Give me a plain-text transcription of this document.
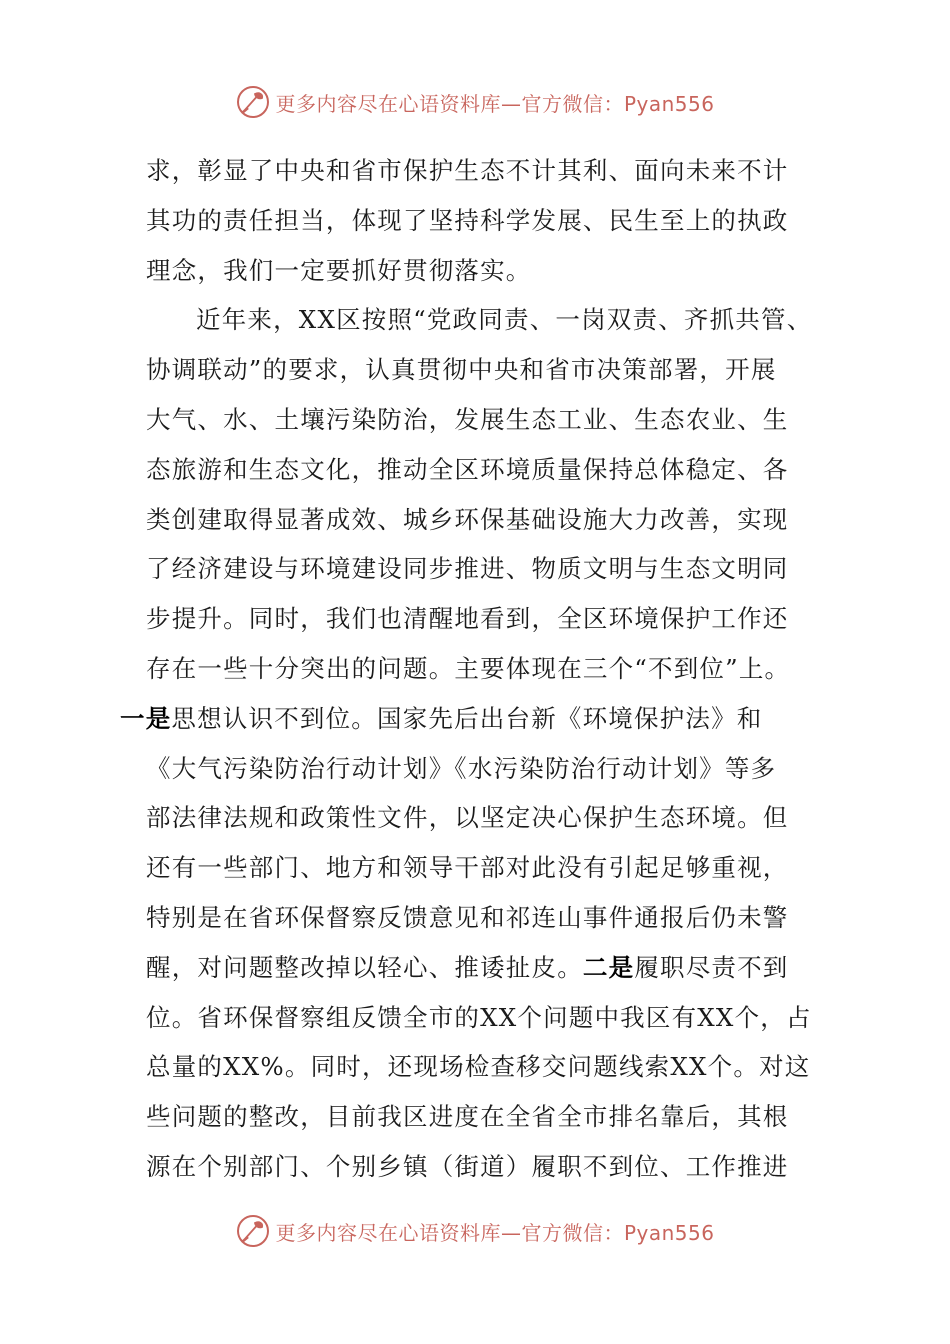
更多内容尽在心语资料库—官方微信：Pyan556
求，彰显了中央和省市保护生态不计其利、面向未来不计
其功的责任担当，体现了坚持科学发展、民生至上的执政
理念，我们一定要抓好贯彻落实。
近年来，XX区按照“党政同责、一岗双责、齐抓共管、
协调联动”的要求，认真贯彻中央和省市决策部署，开展
大气、水、土壤污染防治，发展生态工业、生态农业、生
态旅游和生态文化，推动全区环境质量保持总体稳定、各
类创建取得显著成效、城乡环保基础设施大力改善，实现
了经济建设与环境建设同步推进、物质文明与生态文明同
步提升。同时，我们也清醒地看到，全区环境保护工作还
存在一些十分突出的问题。主要体现在三个“不到位”上。
一是思想认识不到位。国家先后出台新《环境保护法》和
《大气污染防治行动计划》《水污染防治行动计划》等多
部法律法规和政策性文件，以坚定决心保护生态环境。但
还有一些部门、地方和领导干部对此没有引起足够重视，
特别是在省环保督察反馈意见和祁连山事件通报后仍未警
醒，对问题整改掉以轻心、推诿扯皮。二是履职尽责不到
位。省环保督察组反馈全市的XX个问题中我区有XX个，占
总量的XX%。同时，还现场检查移交问题线索XX个。对这
些问题的整改，目前我区进度在全省全市排名靠后，其根
源在个别部门、个别乡镇（街道）履职不到位、工作推进
更多内容尽在心语资料库—官方微信：Pyan556
